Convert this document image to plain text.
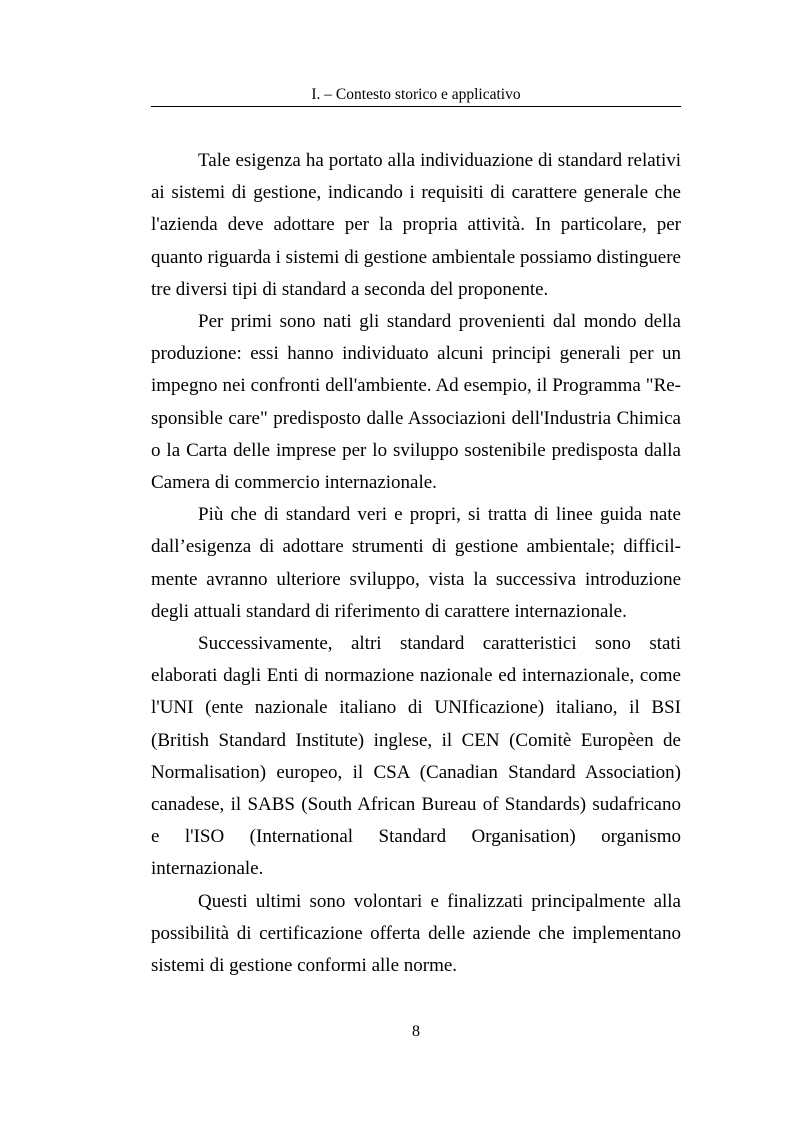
I. – Contesto storico e applicativo

Tale esigenza ha portato alla individuazione di standard relativi ai sistemi di gestione, indicando i requisiti di carattere generale che l'azienda deve adottare per la propria attività. In particolare, per quanto riguarda i sistemi di gestione ambientale possiamo distinguere tre diversi tipi di standard a seconda del proponente.

Per primi sono nati gli standard provenienti dal mondo della produzione: essi hanno individuato alcuni principi generali per un impegno nei confronti dell'ambiente. Ad esempio, il Programma "Responsible care" predisposto dalle Associazioni dell'Industria Chimica o la Carta delle imprese per lo sviluppo sostenibile predisposta dalla Camera di commercio internazionale.

Più che di standard veri e propri, si tratta di linee guida nate dall’esigenza di adottare strumenti di gestione ambientale; difficilmente avranno ulteriore sviluppo, vista la successiva introduzione degli attuali standard di riferimento di carattere internazionale.

Successivamente, altri standard caratteristici sono stati elaborati dagli Enti di normazione nazionale ed internazionale, come l'UNI (ente nazionale italiano di UNIficazione) italiano, il BSI (British Standard Institute) inglese, il CEN (Comitè Europèen de Normalisation) europeo, il CSA (Canadian Standard Association) canadese, il SABS (South African Bureau of Standards) sudafricano e l'ISO (International Standard Organisation) organismo internazionale.

Questi ultimi sono volontari e finalizzati principalmente alla possibilità di certificazione offerta delle aziende che implementano sistemi di gestione conformi alle norme.

8
